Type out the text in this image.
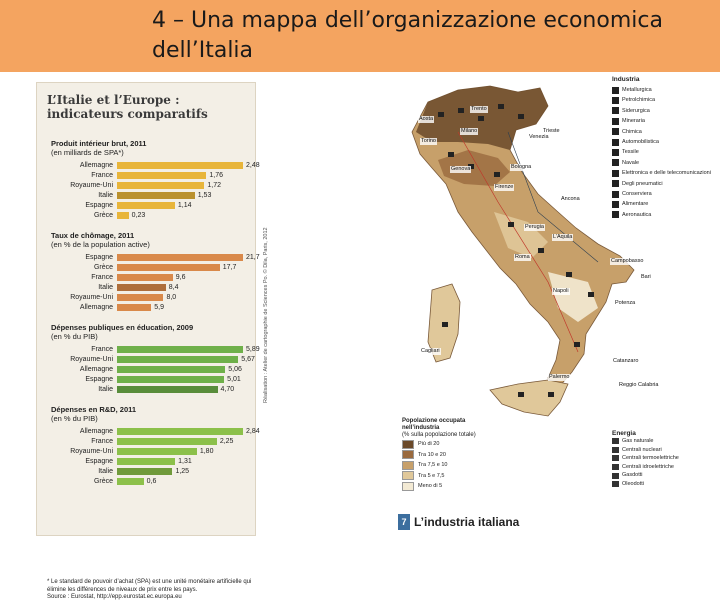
4 – Una mappa dell’organizzazione economica dell’Italia
L’Italie et l’Europe : indicateurs comparatifs
Produit intérieur brut, 2011
(en milliards de SPA*)
Allemagne	2,48
France	1,76
Royaume-Uni	1,72
Italie	1,53
Espagne	1,14
Grèce	0,23
Taux de chômage, 2011
(en % de la population active)
Espagne	21,7
Grèce	17,7
France	9,6
Italie	8,4
Royaume-Uni	8,0
Allemagne	5,9
Dépenses publiques en éducation, 2009
(en % du PIB)
France	5,89
Royaume-Uni	5,67
Allemagne	5,06
Espagne	5,01
Italie	4,70
Dépenses en R&D, 2011
(en % du PIB)
Allemagne	2,84
France	2,25
Royaume-Uni	1,80
Espagne	1,31
Italie	1,25
Grèce	0,6
Réalisation : Atelier de cartographie de Sciences Po. © Dila, Paris, 2012
* Le standard de pouvoir d’achat (SPA) est une unité monétaire artificielle qui élimine les différences de niveaux de prix entre les pays.
Source : Eurostat, http://epp.eurostat.ec.europa.eu
Industria
Metallurgica
Petrolchimica
Siderurgica
Mineraria
Chimica
Automobilistica
Tessile
Navale
Elettronica e delle telecomunicazioni
Degli pneumatici
Conserviera
Alimentare
Aeronautica
Popolazione occupata nell’industria
(% sulla popolazione totale)
Più di 20
Tra 10 e 20
Tra 7,5 e 10
Tra 5 e 7,5
Meno di 5
Energia
Gas naturale
Centrali nucleari
Centrali termoelettriche
Centrali idroelettriche
Gasdotti
Oleodotti
7 L’industria italiana
Aosta
Trento
Trieste
Milano
Venezia
Torino
Genova	Bologna
Firenze
Ancona
Perugia
L’Aquila
Roma
Campobasso
Bari
Napoli
Potenza
Cagliari
Catanzaro
Palermo
Reggio Calabria
